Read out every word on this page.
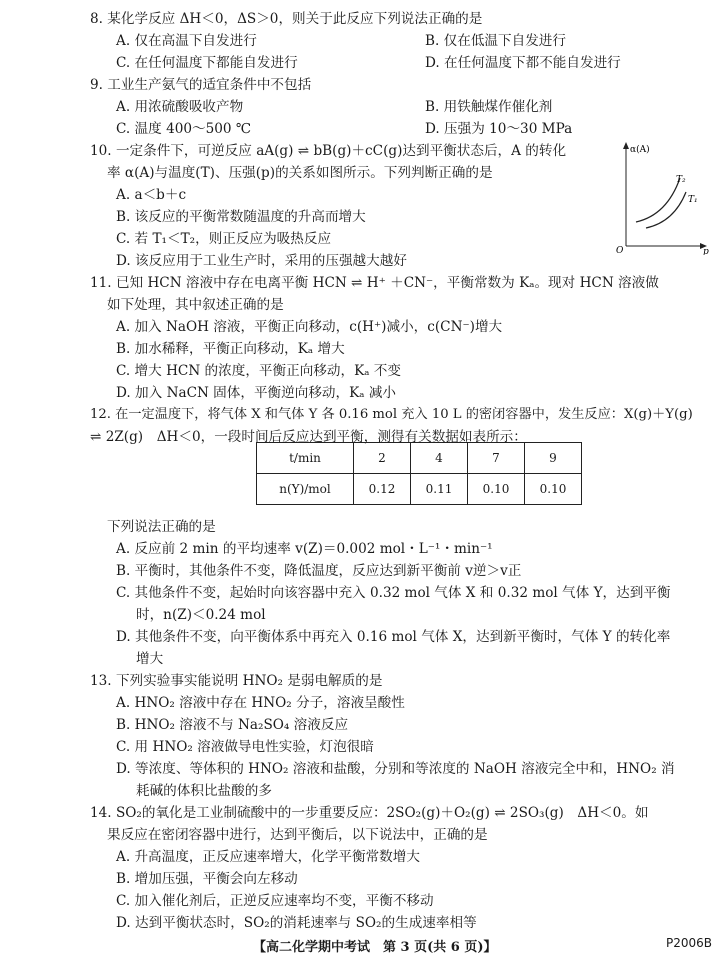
8. 某化学反应 ΔH＜0，ΔS＞0，则关于此反应下列说法正确的是
A. 仅在高温下自发进行	B. 仅在低温下自发进行
C. 在任何温度下都能自发进行	D. 在任何温度下都不能自发进行
9. 工业生产氨气的适宜条件中不包括
A. 用浓硫酸吸收产物	B. 用铁触煤作催化剂
C. 温度 400～500 ℃	D. 压强为 10～30 MPa
10. 一定条件下，可逆反应 aA(g) ⇌ bB(g)＋cC(g)达到平衡状态后，A 的转化
率 α(A)与温度(T)、压强(p)的关系如图所示。下列判断正确的是
A. a＜b＋c
B. 该反应的平衡常数随温度的升高而增大
C. 若 T₁＜T₂，则正反应为吸热反应
D. 该反应用于工业生产时，采用的压强越大越好
α(A)
O	p
T₂
T₁
11. 已知 HCN 溶液中存在电离平衡 HCN ⇌ H⁺ ＋CN⁻，平衡常数为 Kₐ。现对 HCN 溶液做
如下处理，其中叙述正确的是
A. 加入 NaOH 溶液，平衡正向移动，c(H⁺)减小，c(CN⁻)增大
B. 加水稀释，平衡正向移动，Kₐ 增大
C. 增大 HCN 的浓度，平衡正向移动，Kₐ 不变
D. 加入 NaCN 固体，平衡逆向移动，Kₐ 减小
12. 在一定温度下，将气体 X 和气体 Y 各 0.16 mol 充入 10 L 的密闭容器中，发生反应：X(g)＋Y(g)
⇌ 2Z(g)　ΔH＜0，一段时间后反应达到平衡，测得有关数据如表所示：
t/min	2	4	7	9
n(Y)/mol	0.12	0.11	0.10	0.10
下列说法正确的是
A. 反应前 2 min 的平均速率 v(Z)＝0.002 mol・L⁻¹・min⁻¹
B. 平衡时，其他条件不变，降低温度，反应达到新平衡前 v逆＞v正
C. 其他条件不变，起始时向该容器中充入 0.32 mol 气体 X 和 0.32 mol 气体 Y，达到平衡
时，n(Z)＜0.24 mol
D. 其他条件不变，向平衡体系中再充入 0.16 mol 气体 X，达到新平衡时，气体 Y 的转化率
增大
13. 下列实验事实能说明 HNO₂ 是弱电解质的是
A. HNO₂ 溶液中存在 HNO₂ 分子，溶液呈酸性
B. HNO₂ 溶液不与 Na₂SO₄ 溶液反应
C. 用 HNO₂ 溶液做导电性实验，灯泡很暗
D. 等浓度、等体积的 HNO₂ 溶液和盐酸，分别和等浓度的 NaOH 溶液完全中和，HNO₂ 消
耗碱的体积比盐酸的多
14. SO₂的氧化是工业制硫酸中的一步重要反应：2SO₂(g)＋O₂(g) ⇌ 2SO₃(g)　ΔH＜0。如
果反应在密闭容器中进行，达到平衡后，以下说法中，正确的是
A. 升高温度，正反应速率增大，化学平衡常数增大
B. 增加压强，平衡会向左移动
C. 加入催化剂后，正逆反应速率均不变，平衡不移动
D. 达到平衡状态时，SO₂的消耗速率与 SO₂的生成速率相等
【高二化学期中考试　第 3 页(共 6 页)】	P2006B
